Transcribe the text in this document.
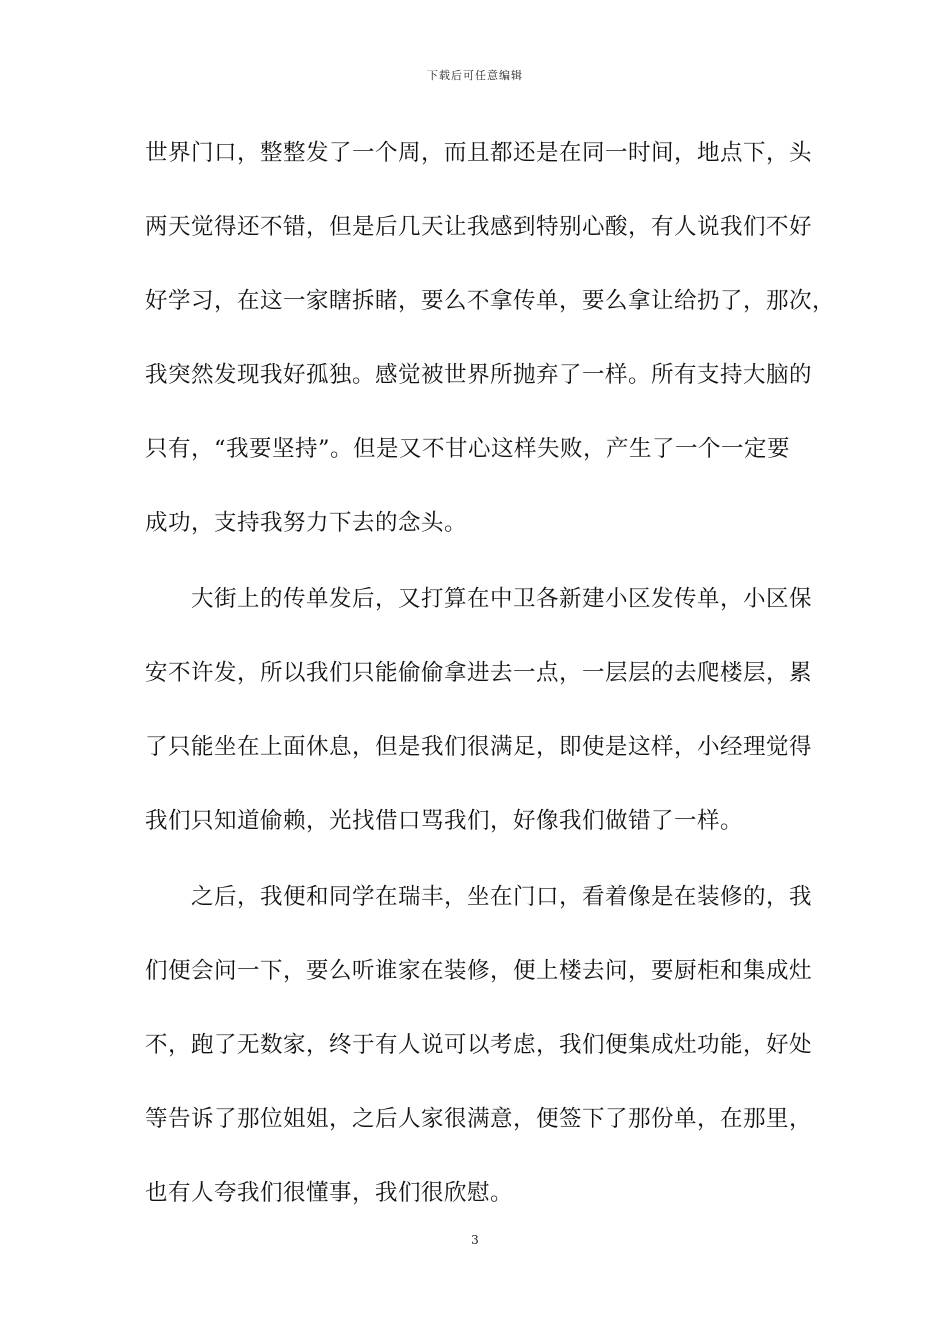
下载后可任意编辑
世界门口，整整发了一个周，而且都还是在同一时间，地点下，头
两天觉得还不错，但是后几天让我感到特别心酸，有人说我们不好
好学习，在这一家瞎拆睹，要么不拿传单，要么拿让给扔了，那次，
我突然发现我好孤独。感觉被世界所抛弃了一样。所有支持大脑的
只有，“我要坚持”。但是又不甘心这样失败，产生了一个一定要
成功，支持我努力下去的念头。
大街上的传单发后，又打算在中卫各新建小区发传单，小区保
安不许发，所以我们只能偷偷拿进去一点，一层层的去爬楼层，累
了只能坐在上面休息，但是我们很满足，即使是这样，小经理觉得
我们只知道偷赖，光找借口骂我们，好像我们做错了一样。
之后，我便和同学在瑞丰，坐在门口，看着像是在装修的，我
们便会问一下，要么听谁家在装修，便上楼去问，要厨柜和集成灶
不，跑了无数家，终于有人说可以考虑，我们便集成灶功能，好处
等告诉了那位姐姐，之后人家很满意，便签下了那份单，在那里，
也有人夸我们很懂事，我们很欣慰。
3
